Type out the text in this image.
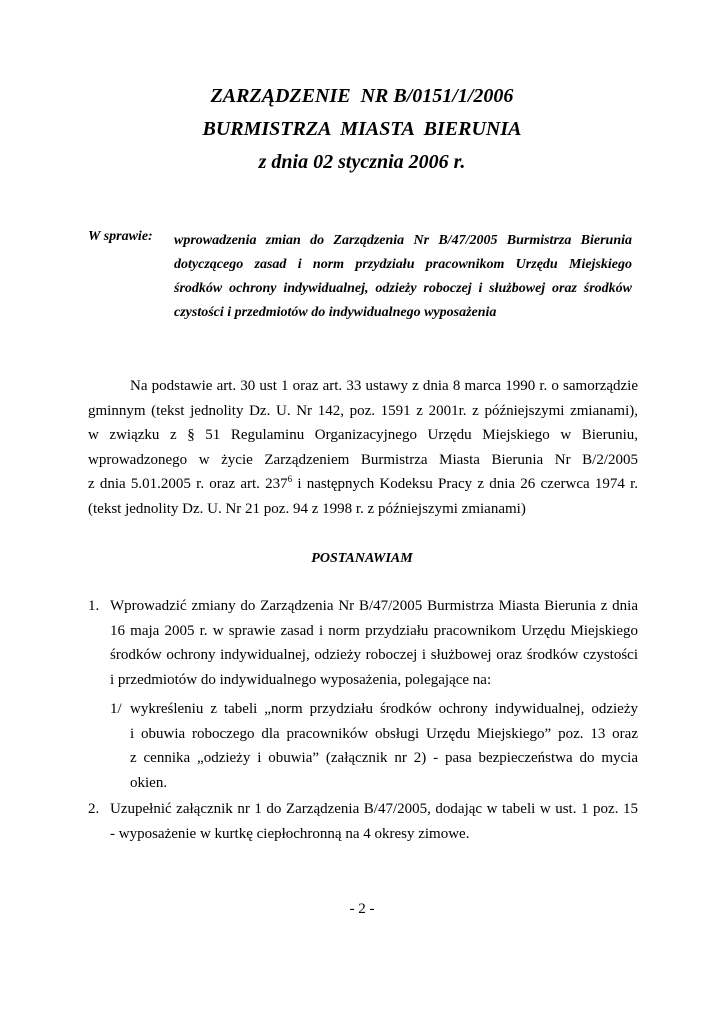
ZARZĄDZENIE  NR B/0151/1/2006
BURMISTRZA  MIASTA  BIERUNIA
z dnia 02 stycznia 2006 r.
W sprawie: wprowadzenia zmian do Zarządzenia Nr B/47/2005 Burmistrza Bierunia
dotyczącego zasad i norm przydziału pracownikom Urzędu Miejskiego
środków ochrony indywidualnej, odzieży roboczej i służbowej oraz środków
czystości i przedmiotów do indywidualnego wyposażenia
Na podstawie art. 30 ust 1 oraz art. 33 ustawy z dnia 8 marca 1990 r. o samorządzie
gminnym (tekst jednolity Dz. U. Nr 142, poz. 1591 z 2001r. z późniejszymi zmianami),
w związku z § 51 Regulaminu Organizacyjnego Urzędu Miejskiego w Bieruniu,
wprowadzonego w życie Zarządzeniem Burmistrza Miasta Bierunia Nr B/2/2005
z dnia 5.01.2005 r. oraz art. $237^6$ i następnych Kodeksu Pracy z dnia 26 czerwca 1974 r.
(tekst jednolity Dz. U. Nr 21 poz. 94 z 1998 r. z późniejszymi zmianami)
POSTANAWIAM
1. Wprowadzić zmiany do Zarządzenia Nr B/47/2005 Burmistrza Miasta Bierunia z dnia
16 maja 2005 r. w sprawie zasad i norm przydziału pracownikom Urzędu Miejskiego
środków ochrony indywidualnej, odzieży roboczej i służbowej oraz środków czystości
i przedmiotów do indywidualnego wyposażenia, polegające na:
1/ wykreśleniu z tabeli „norm przydziału środków ochrony indywidualnej, odzieży
i obuwia roboczego dla pracowników obsługi Urzędu Miejskiego” poz. 13 oraz
z cennika „odzieży i obuwia” (załącznik nr 2) - pasa bezpieczeństwa do mycia okien.
2. Uzupełnić załącznik nr 1 do Zarządzenia B/47/2005, dodając w tabeli w ust. 1 poz. 15
- wyposażenie w kurtkę ciepłochronną na 4 okresy zimowe.
- 2 -
